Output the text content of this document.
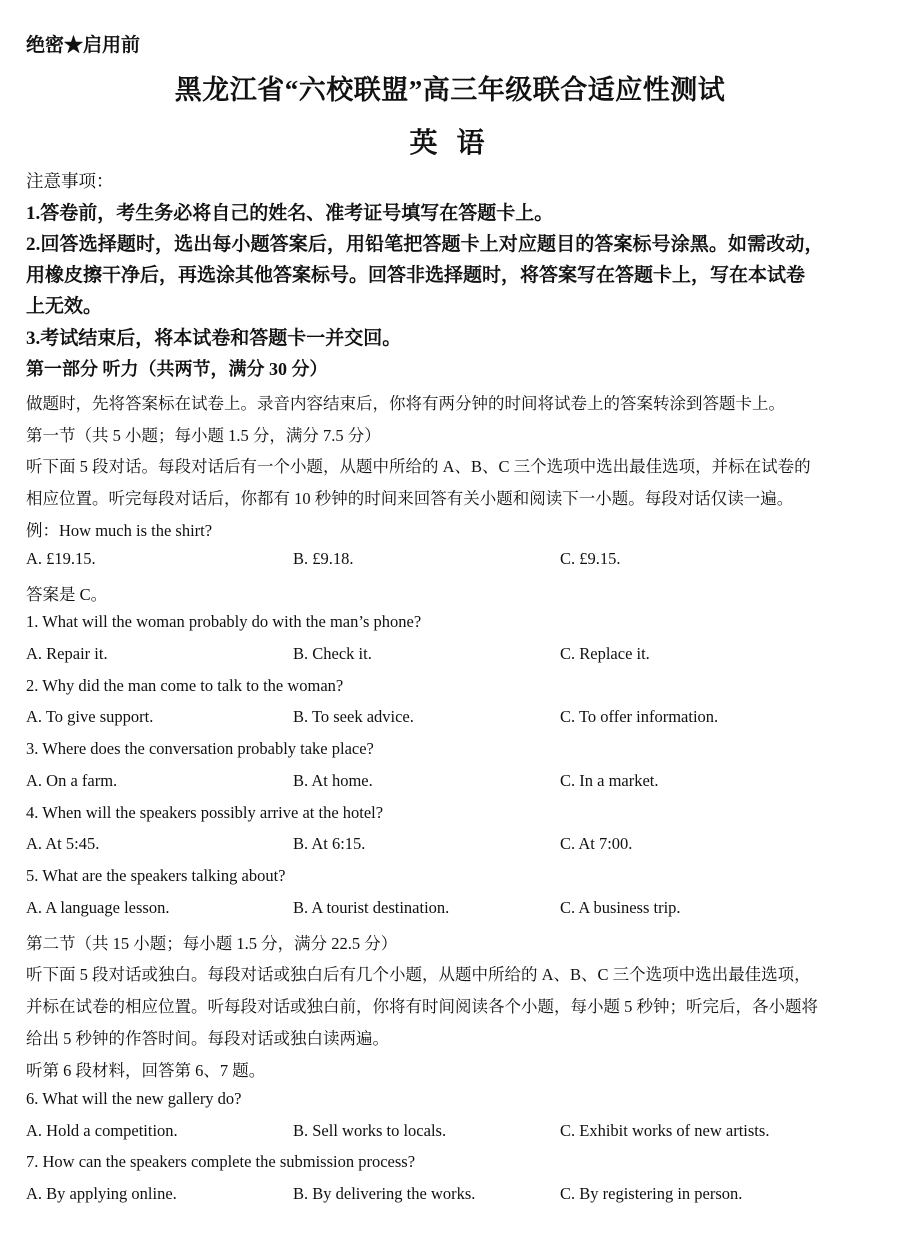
绝密★启用前
黑龙江省“六校联盟”高三年级联合适应性测试
英 语
注意事项：
1.答卷前，考生务必将自己的姓名、准考证号填写在答题卡上。
2.回答选择题时，选出每小题答案后，用铅笔把答题卡上对应题目的答案标号涂黑。如需改动，
用橡皮擦干净后，再选涂其他答案标号。回答非选择题时，将答案写在答题卡上，写在本试卷
上无效。
3.考试结束后，将本试卷和答题卡一并交回。
第一部分 听力（共两节，满分 30 分）
做题时，先将答案标在试卷上。录音内容结束后，你将有两分钟的时间将试卷上的答案转涂到答题卡上。
第一节（共 5 小题；每小题 1.5 分，满分 7.5 分）
听下面 5 段对话。每段对话后有一个小题，从题中所给的 A、B、C 三个选项中选出最佳选项，并标在试卷的
相应位置。听完每段对话后，你都有 10 秒钟的时间来回答有关小题和阅读下一小题。每段对话仅读一遍。
例：How much is the shirt?
A. £19.15.	B. £9.18.	C. £9.15.
答案是 C。
1. What will the woman probably do with the man’s phone?
A. Repair it.	B. Check it.	C. Replace it.
2. Why did the man come to talk to the woman?
A. To give support.	B. To seek advice.	C. To offer information.
3. Where does the conversation probably take place?
A. On a farm.	B. At home.	C. In a market.
4. When will the speakers possibly arrive at the hotel?
A. At 5:45.	B. At 6:15.	C. At 7:00.
5. What are the speakers talking about?
A. A language lesson.	B. A tourist destination.	C. A business trip.
第二节（共 15 小题；每小题 1.5 分，满分 22.5 分）
听下面 5 段对话或独白。每段对话或独白后有几个小题，从题中所给的 A、B、C 三个选项中选出最佳选项，
并标在试卷的相应位置。听每段对话或独白前，你将有时间阅读各个小题，每小题 5 秒钟；听完后，各小题将
给出 5 秒钟的作答时间。每段对话或独白读两遍。
听第 6 段材料，回答第 6、7 题。
6. What will the new gallery do?
A. Hold a competition.	B. Sell works to locals.	C. Exhibit works of new artists.
7. How can the speakers complete the submission process?
A. By applying online.	B. By delivering the works.	C. By registering in person.
